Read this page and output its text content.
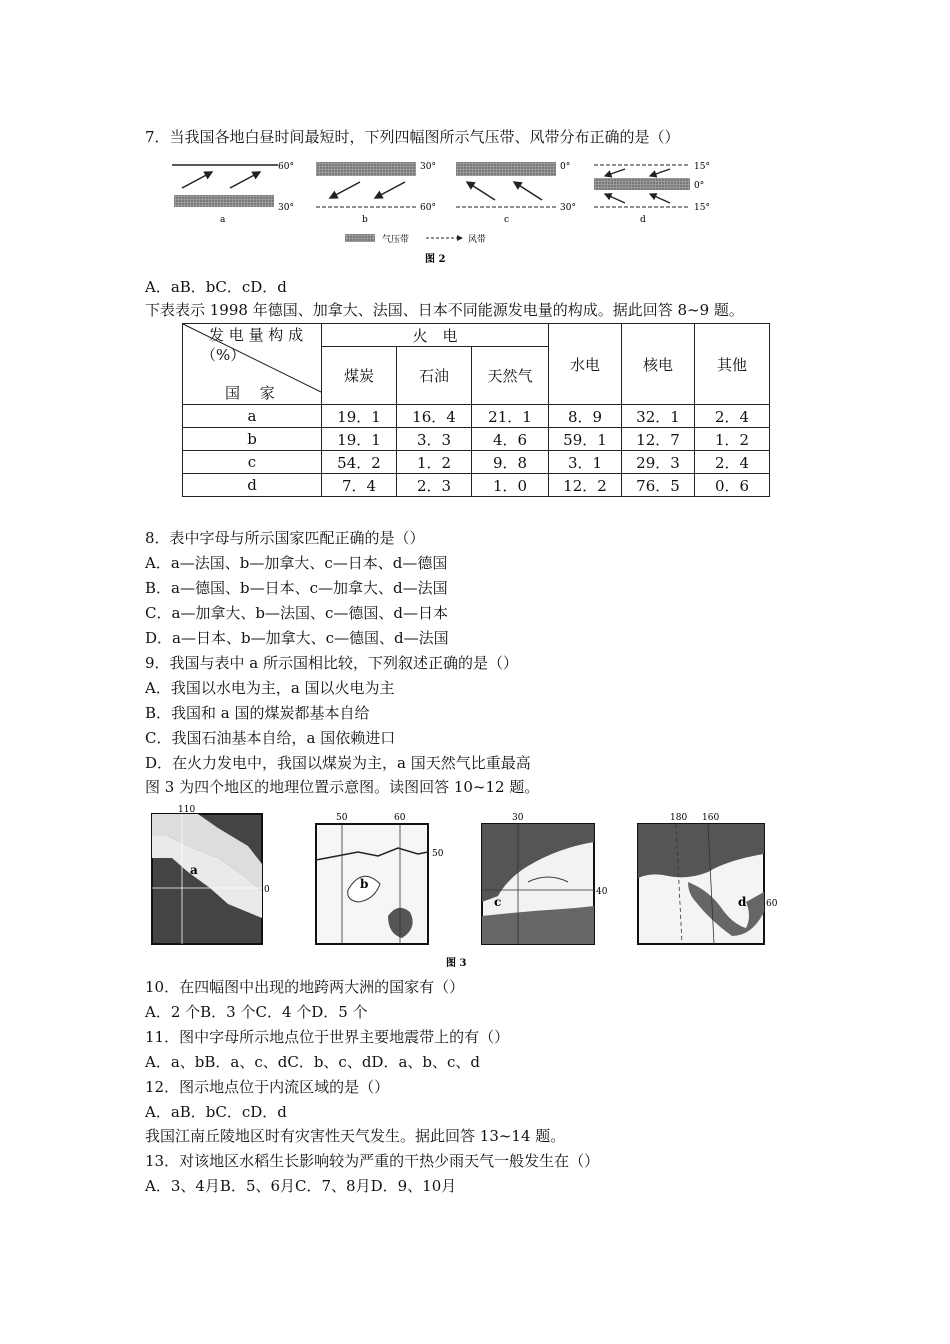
7．当我国各地白昼时间最短时，下列四幅图所示气压带、风带分布正确的是（）
60°
30°
a
30°
60°
b
0°
30°
c
15°
0°
15°
d
气压带	风带
图 2
A．aB．bC．cD．d
下表表示 1998 年德国、加拿大、法国、日本不同能源发电量的构成。据此回答 8~9 题。
发 电 量 构 成
（%）
国　 家	火　电			水电	核电	其他
	煤炭	石油	天然气			
a	19．1	16．4	21．1	8．9	32．1	2．4
b	19．1	3．3	4．6	59．1	12．7	1．2
c	54．2	1．2	9．8	3．1	29．3	2．4
d	7．4	2．3	1．0	12．2	76．5	0．6
8．表中字母与所示国家匹配正确的是（）
A．a—法国、b—加拿大、c—日本、d—德国
B．a—德国、b—日本、c—加拿大、d—法国
C．a—加拿大、b—法国、c—德国、d—日本
D．a—日本、b—加拿大、c—德国、d—法国
9．我国与表中 a 所示国相比较，下列叙述正确的是（）
A．我国以水电为主，a 国以火电为主
B．我国和 a 国的煤炭都基本自给
C．我国石油基本自给，a 国依赖进口
D．在火力发电中，我国以煤炭为主，a 国天然气比重最高
图 3 为四个地区的地理位置示意图。读图回答 10~12 题。
110
0
a
50	60
50
b
30
40
c
180 160
60
d
图 3
10．在四幅图中出现的地跨两大洲的国家有（）
A．2 个B．3 个C．4 个D．5 个
11．图中字母所示地点位于世界主要地震带上的有（）
A．a、bB．a、c、dC．b、c、dD．a、b、c、d
12．图示地点位于内流区域的是（）
A．aB．bC．cD．d
我国江南丘陵地区时有灾害性天气发生。据此回答 13~14 题。
13．对该地区水稻生长影响较为严重的干热少雨天气一般发生在（）
A．3、4月B．5、6月C．7、8月D．9、10月
